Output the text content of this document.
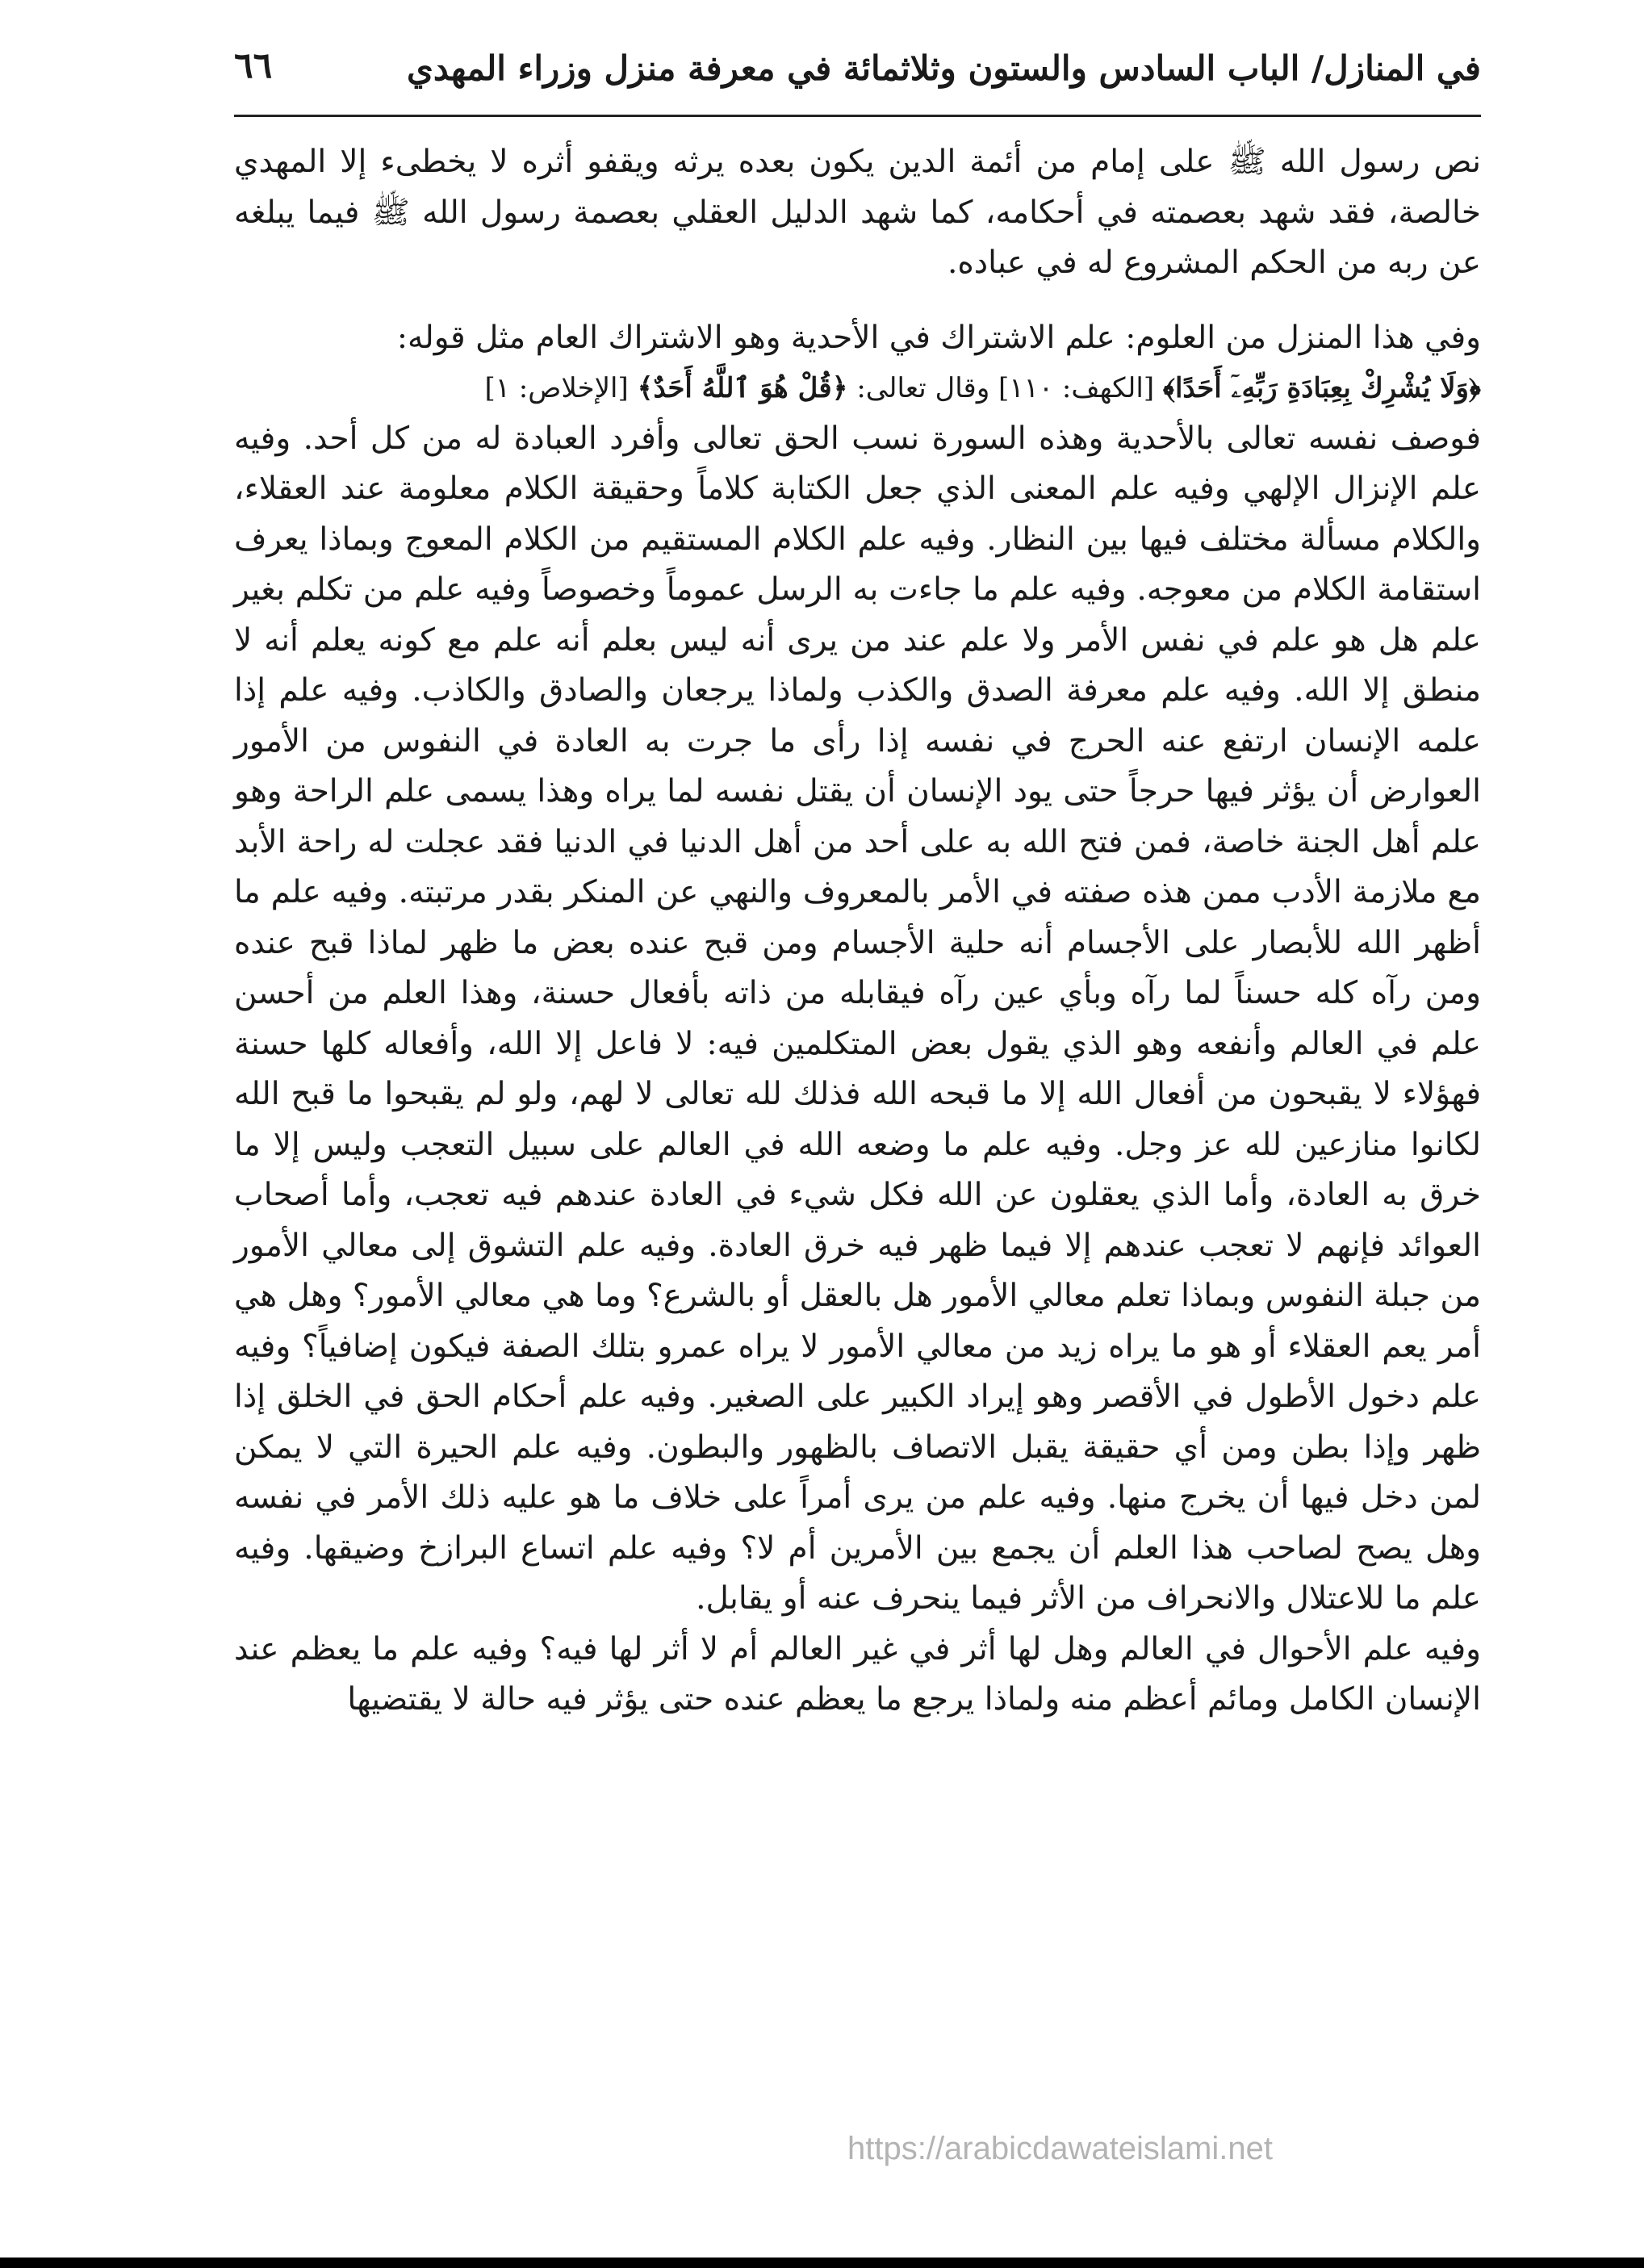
في المنازل/ الباب السادس والستون وثلاثمائة في معرفة منزل وزراء المهدي
٦٦

نص رسول الله ﷺ على إمام من أئمة الدين يكون بعده يرثه ويقفو أثره لا يخطىء إلا المهدي خالصة، فقد شهد بعصمته في أحكامه، كما شهد الدليل العقلي بعصمة رسول الله ﷺ فيما يبلغه عن ربه من الحكم المشروع له في عباده.

وفي هذا المنزل من العلوم: علم الاشتراك في الأحدية وهو الاشتراك العام مثل قوله:

﴿وَلَا يُشْرِكْ بِعِبَادَةِ رَبِّهِۦٓ أَحَدًا﴾ [الكهف: ١١٠] وقال تعالى: ﴿قُلْ هُوَ ٱللَّهُ أَحَدٌ﴾ [الإخلاص: ١]

فوصف نفسه تعالى بالأحدية وهذه السورة نسب الحق تعالى وأفرد العبادة له من كل أحد. وفيه علم الإنزال الإلهي وفيه علم المعنى الذي جعل الكتابة كلاماً وحقيقة الكلام معلومة عند العقلاء، والكلام مسألة مختلف فيها بين النظار. وفيه علم الكلام المستقيم من الكلام المعوج وبماذا يعرف استقامة الكلام من معوجه. وفيه علم ما جاءت به الرسل عموماً وخصوصاً وفيه علم من تكلم بغير علم هل هو علم في نفس الأمر ولا علم عند من يرى أنه ليس بعلم أنه علم مع كونه يعلم أنه لا منطق إلا الله. وفيه علم معرفة الصدق والكذب ولماذا يرجعان والصادق والكاذب. وفيه علم إذا علمه الإنسان ارتفع عنه الحرج في نفسه إذا رأى ما جرت به العادة في النفوس من الأمور العوارض أن يؤثر فيها حرجاً حتى يود الإنسان أن يقتل نفسه لما يراه وهذا يسمى علم الراحة وهو علم أهل الجنة خاصة، فمن فتح الله به على أحد من أهل الدنيا في الدنيا فقد عجلت له راحة الأبد مع ملازمة الأدب ممن هذه صفته في الأمر بالمعروف والنهي عن المنكر بقدر مرتبته. وفيه علم ما أظهر الله للأبصار على الأجسام أنه حلية الأجسام ومن قبح عنده بعض ما ظهر لماذا قبح عنده ومن رآه كله حسناً لما رآه وبأي عين رآه فيقابله من ذاته بأفعال حسنة، وهذا العلم من أحسن علم في العالم وأنفعه وهو الذي يقول بعض المتكلمين فيه: لا فاعل إلا الله، وأفعاله كلها حسنة فهؤلاء لا يقبحون من أفعال الله إلا ما قبحه الله فذلك لله تعالى لا لهم، ولو لم يقبحوا ما قبح الله لكانوا منازعين لله عز وجل. وفيه علم ما وضعه الله في العالم على سبيل التعجب وليس إلا ما خرق به العادة، وأما الذي يعقلون عن الله فكل شيء في العادة عندهم فيه تعجب، وأما أصحاب العوائد فإنهم لا تعجب عندهم إلا فيما ظهر فيه خرق العادة. وفيه علم التشوق إلى معالي الأمور من جبلة النفوس وبماذا تعلم معالي الأمور هل بالعقل أو بالشرع؟ وما هي معالي الأمور؟ وهل هي أمر يعم العقلاء أو هو ما يراه زيد من معالي الأمور لا يراه عمرو بتلك الصفة فيكون إضافياً؟ وفيه علم دخول الأطول في الأقصر وهو إيراد الكبير على الصغير. وفيه علم أحكام الحق في الخلق إذا ظهر وإذا بطن ومن أي حقيقة يقبل الاتصاف بالظهور والبطون. وفيه علم الحيرة التي لا يمكن لمن دخل فيها أن يخرج منها. وفيه علم من يرى أمراً على خلاف ما هو عليه ذلك الأمر في نفسه وهل يصح لصاحب هذا العلم أن يجمع بين الأمرين أم لا؟ وفيه علم اتساع البرازخ وضيقها. وفيه علم ما للاعتلال والانحراف من الأثر فيما ينحرف عنه أو يقابل.

وفيه علم الأحوال في العالم وهل لها أثر في غير العالم أم لا أثر لها فيه؟ وفيه علم ما يعظم عند الإنسان الكامل ومائم أعظم منه ولماذا يرجع ما يعظم عنده حتى يؤثر فيه حالة لا يقتضيها

https://arabicdawateislami.net
